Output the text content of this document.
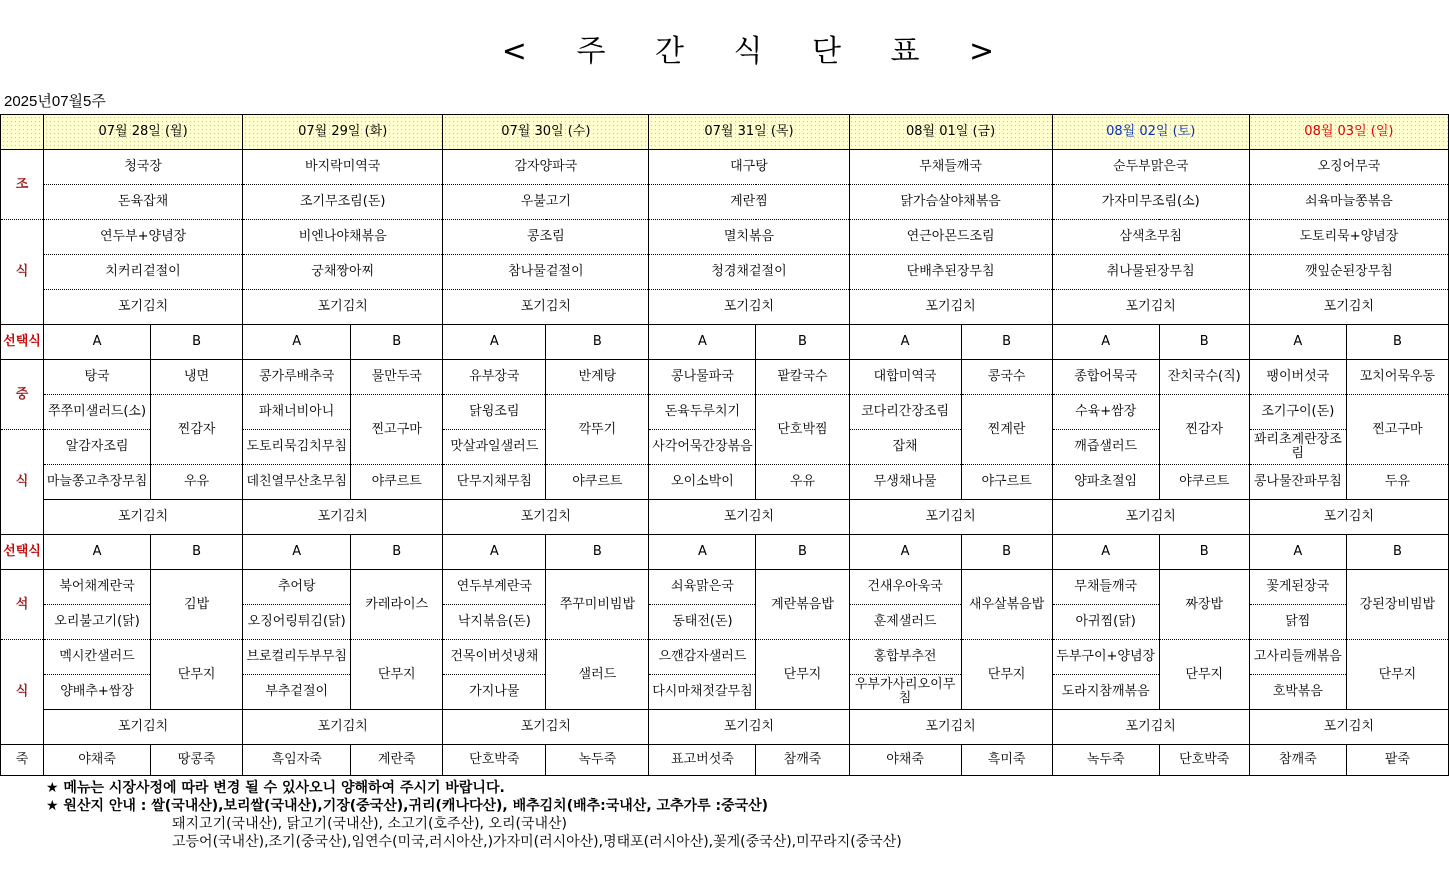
< 주 간 식 단 표 >
2025년07월5주
	07월 28일 (월)		07월 29일 (화)		07월 30일 (수)		07월 31일 (목)		08월 01일 (금)		08월 02일 (토)		08월 03일 (일)	
조	청국장		바지락미역국		감자양파국		대구탕		무채들깨국		순두부맑은국		오징어무국	
	돈육잡채		조기무조림(돈)		우불고기		계란찜		닭가슴살야채볶음		가자미무조림(소)		쇠육마늘쫑볶음	
식	연두부+양념장		비엔나야채볶음		콩조림		멸치볶음		연근아몬드조림		삼색초무침		도토리묵+양념장	
	치커리겉절이		궁채짱아찌		참나물겉절이		청경채겉절이		단배추된장무침		취나물된장무침		깻잎순된장무침	
	포기김치		포기김치		포기김치		포기김치		포기김치		포기김치		포기김치	
선택식	A	B	A	B	A	B	A	B	A	B	A	B	A	B
중	탕국	냉면	콩가루배추국	물만두국	유부장국	반계탕	콩나물파국	팥칼국수	대합미역국	콩국수	종합어묵국	잔치국수(직)	팽이버섯국	꼬치어묵우동
	쭈쭈미샐러드(소)	찐감자	파채너비아니	찐고구마	닭윙조림	깍뚜기	돈육두루치기	단호박찜	코다리간장조림	찐계란	수육+쌈장	찐감자	조기구이(돈)	찐고구마
식	알감자조림		도토리묵김치무침		맛살과일샐러드		사각어묵간장볶음		잡채		깨즙샐러드		꽈리초계란장조림	
	마늘쫑고추장무침	우유	데친열무산초무침	야쿠르트	단무지채무침	야쿠르트	오이소박이	우유	무생채나물	야구르트	양파초절임	야쿠르트	콩나물잔파무침	두유
	포기김치		포기김치		포기김치		포기김치		포기김치		포기김치		포기김치	
선택식	A	B	A	B	A	B	A	B	A	B	A	B	A	B
석	북어채계란국	김밥	추어탕	카레라이스	연두부계란국	쭈꾸미비빔밥	쇠육맑은국	계란볶음밥	건새우아욱국	새우살볶음밥	무채들깨국	짜장밥	꽃게된장국	강된장비빔밥
	오리불고기(닭)		오징어링튀김(닭)		낙지볶음(돈)		동태전(돈)		훈제샐러드		아귀찜(닭)		닭찜	
식	멕시칸샐러드	단무지	브로컬리두부무침	단무지	건목이버섯냉채	샐러드	으깬감자샐러드	단무지	홍합부추전	단무지	두부구이+양념장	단무지	고사리들깨볶음	단무지
	양배추+쌈장		부추겉절이		가지나물		다시마채젓갈무침		우부가사리오이무침		도라지참깨볶음		호박볶음	
	포기김치		포기김치		포기김치		포기김치		포기김치		포기김치		포기김치	
죽	야채죽	땅콩죽	흑임자죽	계란죽	단호박죽	녹두죽	표고버섯죽	참깨죽	야채죽	흑미죽	녹두죽	단호박죽	참깨죽	팥죽
★ 메뉴는 시장사정에 따라 변경 될 수 있사오니 양해하여 주시기 바랍니다.
★ 원산지 안내 : 쌀(국내산),보리쌀(국내산),기장(중국산),귀리(캐나다산), 배추김치(배추:국내산, 고추가루 :중국산)
돼지고기(국내산), 닭고기(국내산), 소고기(호주산), 오리(국내산)
고등어(국내산),조기(중국산),임연수(미국,러시아산,)가자미(러시아산),명태포(러시아산),꽃게(중국산),미꾸라지(중국산)
